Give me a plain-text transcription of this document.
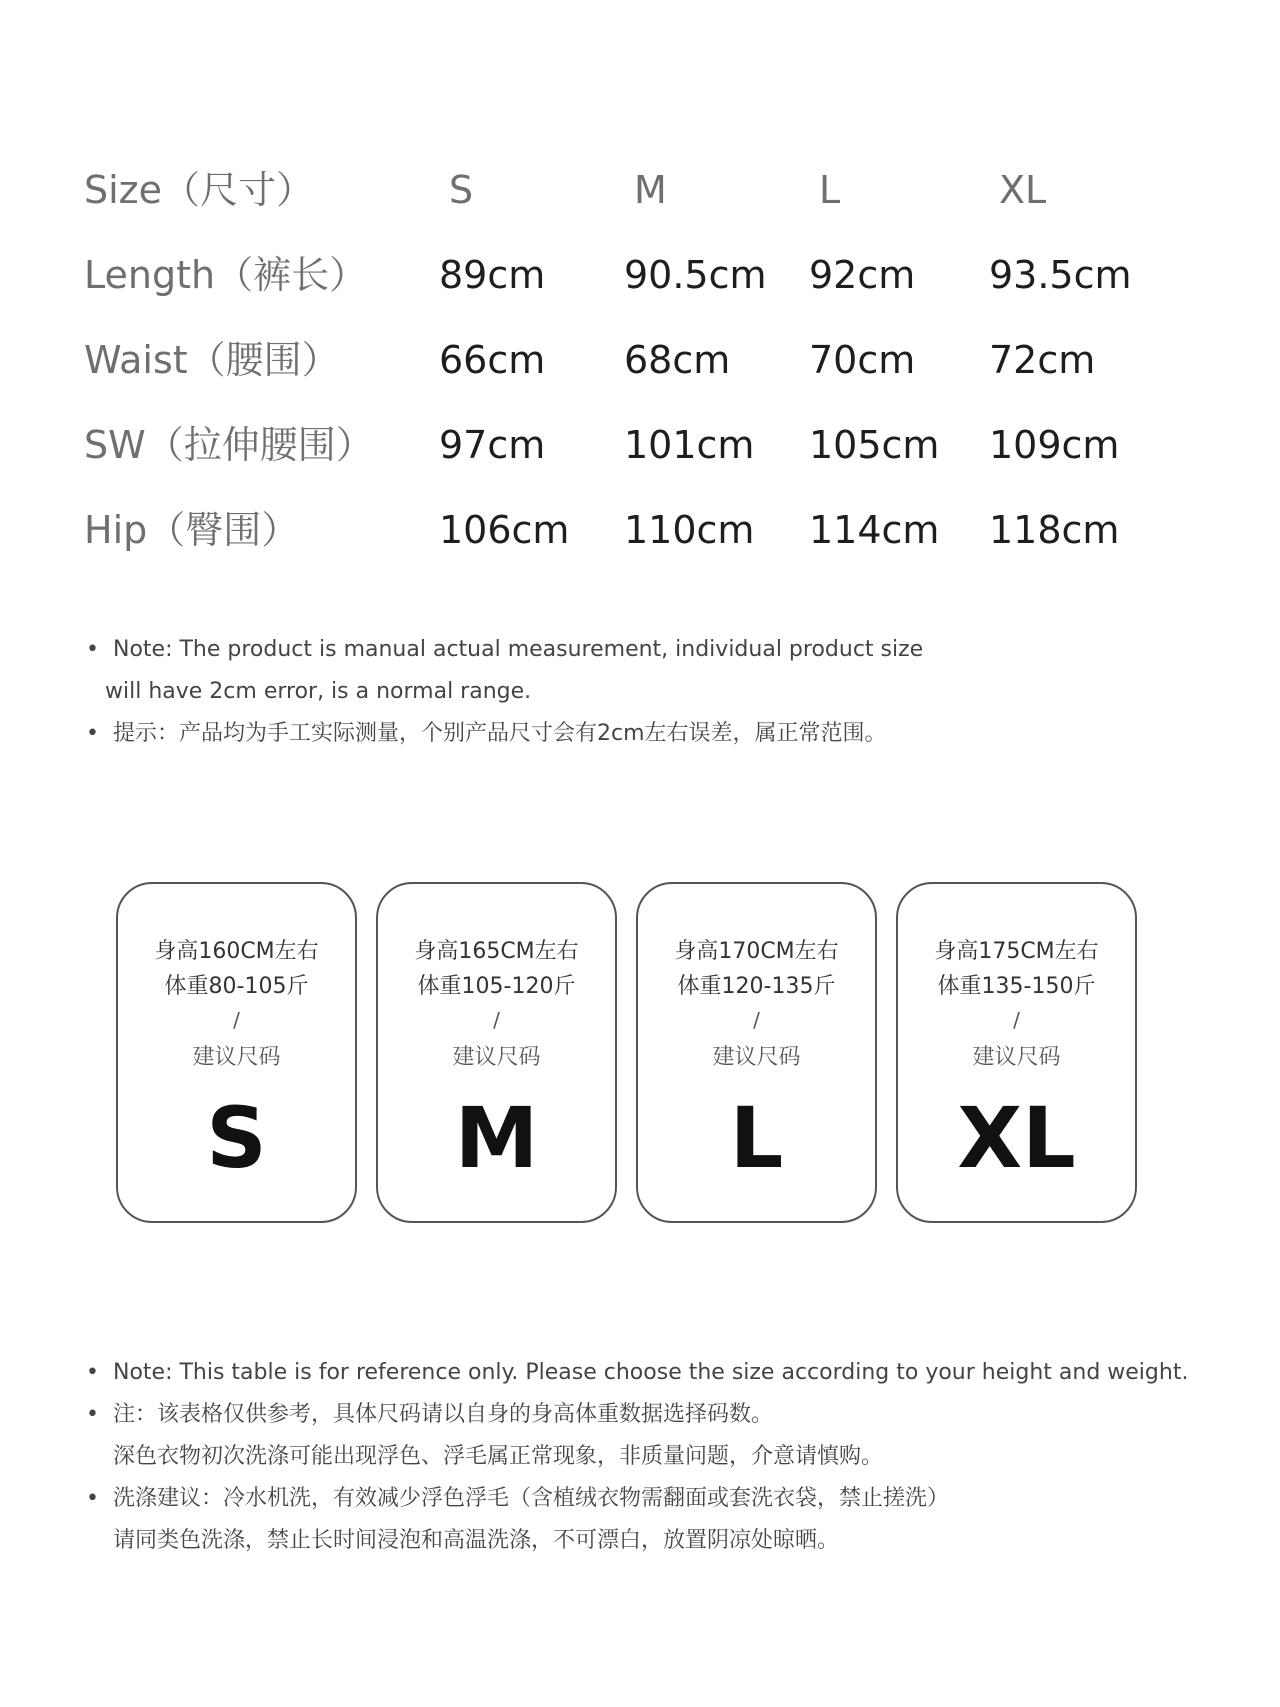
Size（尺寸）	S	M	L	XL
Length（裤长） 89cm 90.5cm 92cm 93.5cm
Waist（腰围）	66cm 68cm 70cm 72cm
SW（拉伸腰围） 97cm 101cm 105cm 109cm
Hip（臀围）	106cm 110cm 114cm 118cm
• Note: The product is manual actual measurement, individual product size
will have 2cm error, is a normal range.
• 提示：产品均为手工实际测量，个别产品尺寸会有2cm左右误差，属正常范围。
身高160CM左右
体重80-105斤
/
建议尺码
S
身高165CM左右
体重105-120斤
/
建议尺码
M
身高170CM左右
体重120-135斤
/
建议尺码
L
身高175CM左右
体重135-150斤
/
建议尺码
XL
• Note: This table is for reference only. Please choose the size according to your height and weight.
• 注：该表格仅供参考，具体尺码请以自身的身高体重数据选择码数。
深色衣物初次洗涤可能出现浮色、浮毛属正常现象，非质量问题，介意请慎购。
• 洗涤建议：冷水机洗，有效减少浮色浮毛（含植绒衣物需翻面或套洗衣袋，禁止搓洗）
请同类色洗涤，禁止长时间浸泡和高温洗涤，不可漂白，放置阴凉处晾晒。
